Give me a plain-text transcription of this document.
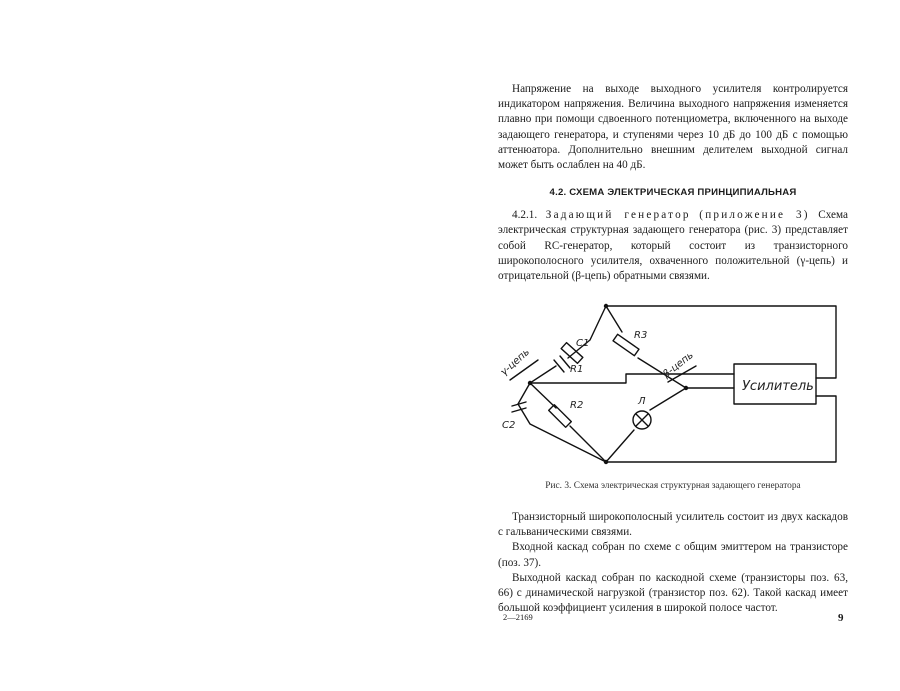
Напряжение на выходе выходного усилителя контролируется индикатором напряжения. Величина выходного напряжения изменяется плавно при помощи сдвоенного потенциометра, включенного на выходе задающего генератора, и ступенями через 10 дБ до 100 дБ с помощью аттенюатора. Дополнительно внешним делителем выходной сигнал может быть ослаблен на 40 дБ.

4.2. СХЕМА ЭЛЕКТРИЧЕСКАЯ ПРИНЦИПИАЛЬНАЯ

4.2.1. Задающий генератор (приложение 3) Схема электрическая структурная задающего генератора (рис. 3) представляет собой RC-генератор, который состоит из транзисторного широкополосного усилителя, охваченного положительной (γ-цепь) и отрицательной (β-цепь) обратными связями.

γ-цепь	β-цепь
C1
R1
R3
C2
R2	Л
Усилитель
Рис. 3. Схема электрическая структурная задающего генератора

Транзисторный широкополосный усилитель состоит из двух каскадов с гальваническими связями.

Входной каскад собран по схеме с общим эмиттером на транзисторе (поз. 37).

Выходной каскад собран по каскодной схеме (транзисторы поз. 63, 66) с динамической нагрузкой (транзистор поз. 62). Такой каскад имеет большой коэффициент усиления в широкой полосе частот.

2—2169	9
